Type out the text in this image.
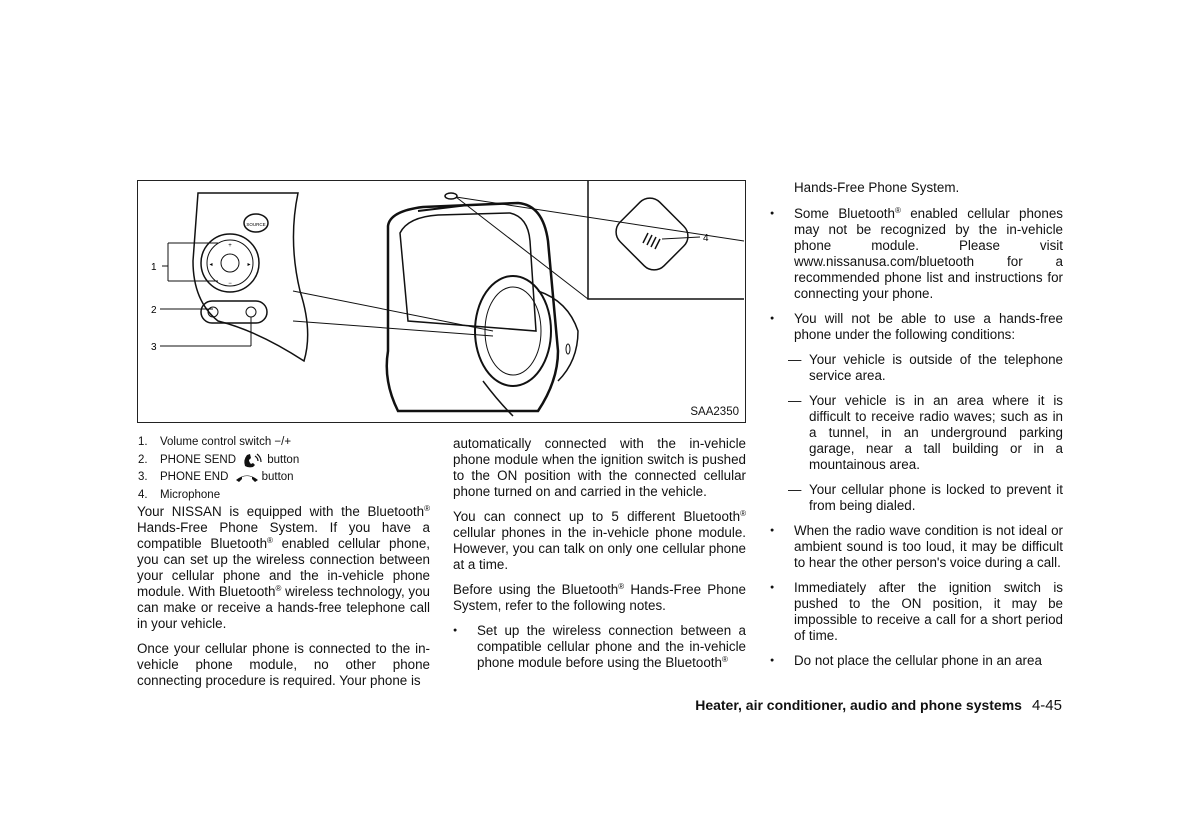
SOURCE
+
−
◂	▸
1
2
3
4
SAA2350
1. Volume control switch −/+
2. PHONE SEND	button
3. PHONE END	button
4. Microphone

Your NISSAN is equipped with the Bluetooth® Hands-Free Phone System. If you have a compatible Bluetooth® enabled cellular phone, you can set up the wireless connection between your cellular phone and the in-vehicle phone module. With Bluetooth® wireless technology, you can make or receive a hands-free telephone call in your vehicle.

Once your cellular phone is connected to the in-vehicle phone module, no other phone connecting procedure is required. Your phone is

automatically connected with the in-vehicle phone module when the ignition switch is pushed to the ON position with the connected cellular phone turned on and carried in the vehicle.

You can connect up to 5 different Bluetooth® cellular phones in the in-vehicle phone module. However, you can talk on only one cellular phone at a time.

Before using the Bluetooth® Hands-Free Phone System, refer to the following notes.

● Set up the wireless connection between a compatible cellular phone and the in-vehicle phone module before using the Bluetooth®

Hands-Free Phone System.

● Some Bluetooth® enabled cellular phones may not be recognized by the in-vehicle phone module. Please visit www.nissanusa.com/bluetooth for a recommended phone list and instructions for connecting your phone.

● You will not be able to use a hands-free phone under the following conditions:

— Your vehicle is outside of the telephone service area.

— Your vehicle is in an area where it is difficult to receive radio waves; such as in a tunnel, in an underground parking garage, near a tall building or in a mountainous area.

— Your cellular phone is locked to prevent it from being dialed.

● When the radio wave condition is not ideal or ambient sound is too loud, it may be difficult to hear the other person's voice during a call.

● Immediately after the ignition switch is pushed to the ON position, it may be impossible to receive a call for a short period of time.

● Do not place the cellular phone in an area

Heater, air conditioner, audio and phone systems 4-45
